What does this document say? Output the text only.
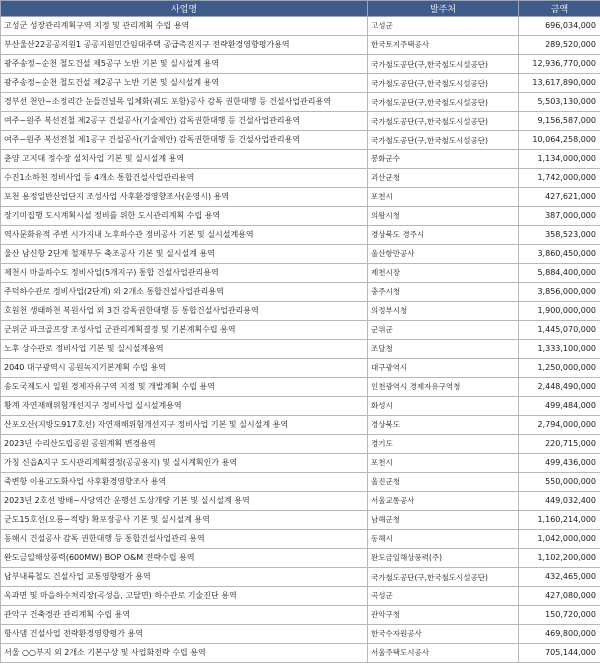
사업명	발주처	금액
고성군 성장관리계획구역 지정 및 관리계획 수립 용역	고성군	696,034,000
부산울산22공공지원1 공공지원민간임대주택 공급촉진지구 전략환경영향평가용역	한국토지주택공사	289,520,000
광주송정~순천 철도건설 제5공구 노반 기본 및 실시설계 용역	국가철도공단(구,한국철도시설공단)	12,936,770,000
광주송정~순천 철도건설 제2공구 노반 기본 및 실시설계 용역	국가철도공단(구,한국철도시설공단)	13,617,890,000
경부선 천안~소정리간 눈들건널목 입체화(궤도 포함)공사 감독 권한대행 등 건설사업관리용역	국가철도공단(구,한국철도시설공단)	5,503,130,000
여주~원주 복선전철 제2공구 건설공사(기술제안) 감독권한대행 등 건설사업관리용역	국가철도공단(구,한국철도시설공단)	9,156,587,000
여주~원주 복선전철 제1공구 건설공사(기술제안) 감독권한대행 등 건설사업관리용역	국가철도공단(구,한국철도시설공단)	10,064,258,000
춘양 고지대 정수장 설치사업 기본 및 실시설계 용역	봉화군수	1,134,000,000
수진1소하천 정비사업 등 4개소 통합건설사업관리용역	괴산군청	1,742,000,000
포천 용정일반산업단지 조성사업 사후환경영향조사(운영시) 용역	포천시	427,621,000
장기미집행 도시계획시설 정비를 위한 도시관리계획 수립 용역	의왕시청	387,000,000
역사문화유적 주변 시가지내 노후하수관 정비공사 기본 및 실시설계용역	경상북도 경주시	358,523,000
울산 남신항 2단계 철재부두 축조공사 기본 및 실시설계 용역	울산항만공사	3,860,450,000
제천시 마을하수도 정비사업(5개지구) 통합 건설사업관리용역	제천시장	5,884,400,000
주덕하수관로 정비사업(2단계) 외 2개소 통합건설사업관리용역	충주시청	3,856,000,000
호원천 생태하천 복원사업 외 3건 감독권한대행 등 통합건설사업관리용역	의정부시청	1,900,000,000
군위군 파크골프장 조성사업 군관리계획결정 및 기본계획수립 용역	군위군	1,445,070,000
노후 상수관로 정비사업 기본 및 실시설계용역	조달청	1,333,100,000
2040 대구광역시 공원녹지기본계획 수립 용역	대구광역시	1,250,000,000
송도국제도시 일원 경제자유구역 지정 및 개발계획 수립 용역	인천광역시 경제자유구역청	2,448,490,000
황계 자연재해위험개선지구 정비사업 실시설계용역	화성시	499,484,000
산포오산(지방도917호선) 자연재해위험개선지구 정비사업 기본 및 실시설계 용역	경상북도	2,794,000,000
2023년 수리산도립공원 공원계획 변경용역	경기도	220,715,000
가칭 신읍A지구 도시관리계획결정(공공용지) 및 실시계획인가 용역	포천시	499,436,000
죽변항 이용고도화사업 사후환경영향조사 용역	울진군청	550,000,000
2023년 2호선 방배~사당역간 운행선 도상개량 기본 및 실시설계 용역	서울교통공사	449,032,400
군도15호선(오룡~적량) 확포장공사 기본 및 실시설계 용역	남해군청	1,160,214,000
동해시 건설공사 감독 권한대행 등 통합건설사업관리 용역	동해시	1,042,000,000
완도금일해상풍력(600MW) BOP O&M 전략수립 용역	완도금일해상풍력(주)	1,102,200,000
남부내륙철도 건설사업 교통영향평가 용역	국가철도공단(구,한국철도시설공단)	432,465,000
옥과면 및 마을하수처리장(곡성읍, 고달면) 하수관로 기술진단 용역	곡성군	427,080,000
관악구 건축경관 관리계획 수립 용역	관악구청	150,720,000
항사댐 건설사업 전략환경영향평가 용역	한국수자원공사	469,800,000
서울 ○○부지 외 2개소 기본구상 및 사업화전략 수립 용역	서울주택도시공사	705,144,000
